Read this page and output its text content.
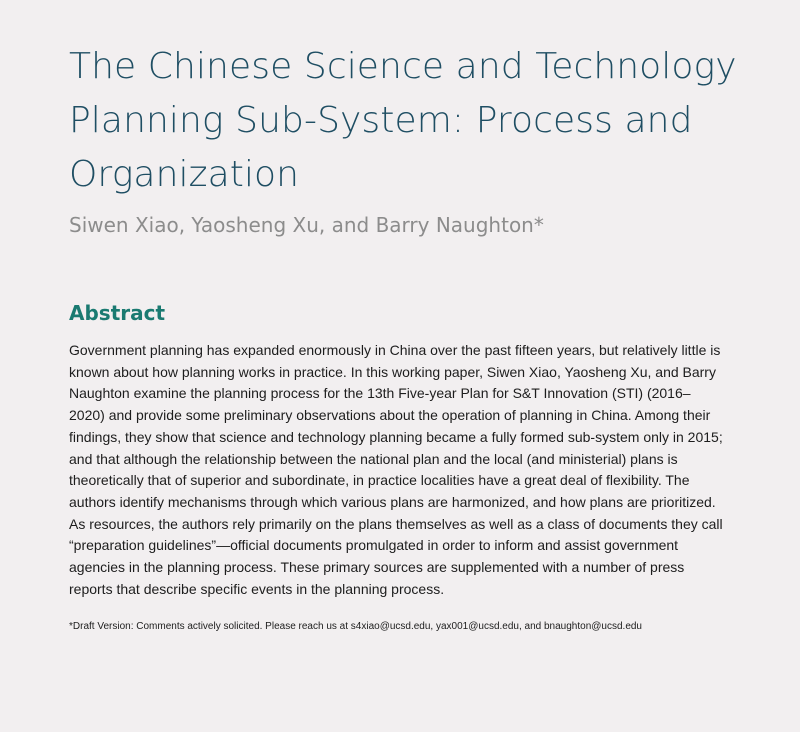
The Chinese Science and Technology Planning Sub-System: Process and Organization

Siwen Xiao, Yaosheng Xu, and Barry Naughton*

Abstract

Government planning has expanded enormously in China over the past fifteen years, but relatively little is known about how planning works in practice. In this working paper, Siwen Xiao, Yaosheng Xu, and Barry Naughton examine the planning process for the 13th Five-year Plan for S&T Innovation (STI) (2016–2020) and provide some preliminary observations about the operation of planning in China. Among their findings, they show that science and technology planning became a fully formed sub-system only in 2015; and that although the relationship between the national plan and the local (and ministerial) plans is theoretically that of superior and subordinate, in practice localities have a great deal of flexibility. The authors identify mechanisms through which various plans are harmonized, and how plans are prioritized. As resources, the authors rely primarily on the plans themselves as well as a class of documents they call “preparation guidelines”—official documents promulgated in order to inform and assist government agencies in the planning process. These primary sources are supplemented with a number of press reports that describe specific events in the planning process.

*Draft Version: Comments actively solicited. Please reach us at s4xiao@ucsd.edu, yax001@ucsd.edu, and bnaughton@ucsd.edu
